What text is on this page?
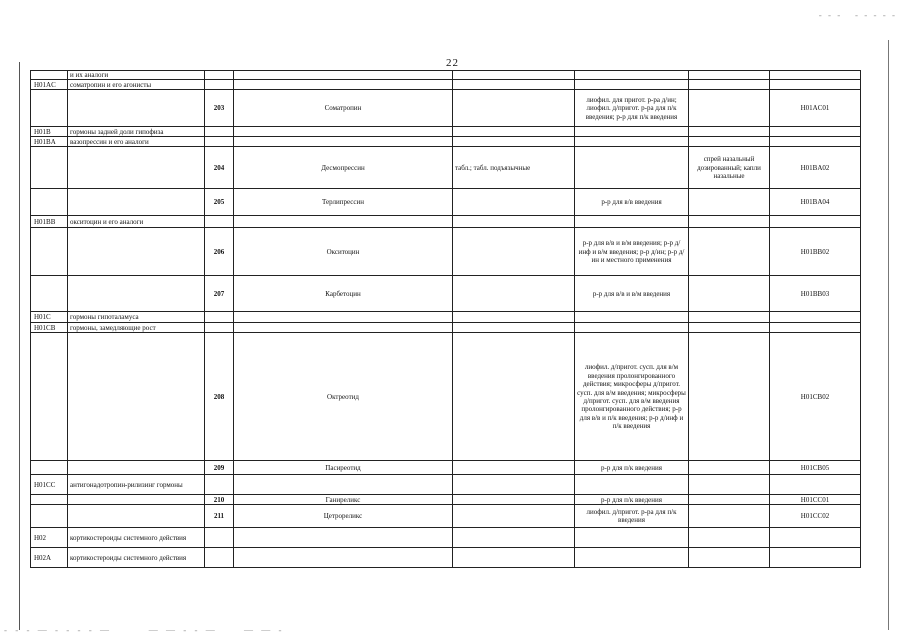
- - -   - - - - -
22
	и их аналоги						
H01AC	соматропин и его агонисты						
		203	Соматропин		лиофил. для пригот. р-ра д/ин; лиофил. д/пригот. р-ра для п/к введения; р-р для п/к введения		H01AC01
H01B	гормоны задней доли гипофиза						
H01BA	вазопрессин и его аналоги						
		204	Десмопрессин	табл.; табл. подъязычные		спрей назальный дозированный; капли назальные	H01BA02
		205	Терлипрессин		р-р для в/в введения		H01BA04
H01BB	окситоцин и его аналоги						
		206	Окситоцин		р-р для в/в и в/м введения; р-р д/инф и в/м введения; р-р д/ин; р-р д/ин и местного применения		H01BB02
		207	Карбетоцин		р-р для в/в и в/м введения		H01BB03
H01C	гормоны гипоталамуса						
H01CB	гормоны, замедляющие рост						
		208	Октреотид		лиофил. д/пригот. сусп. для в/м введения пролонгированного действия; микросферы д/пригот. сусп. для в/м введения; микросферы д/пригот. сусп. для в/м введения пролонгированного действия; р-р для в/в и п/к введения; р-р д/инф и п/к введения		H01CB02
		209	Пасиреотид		р-р для п/к введения		H01CB05
H01CC	антигонадотропин-рилизинг гормоны						
		210	Ганиреликс		р-р для п/к введения		H01CC01
		211	Цетрореликс		лиофил. д/пригот. р-ра для п/к введения		H01CC02
H02	кортикостероиды системного действия						
H02A	кортикостероиды системного действия						
- - - — - - - - —       — — - - —     — — -
